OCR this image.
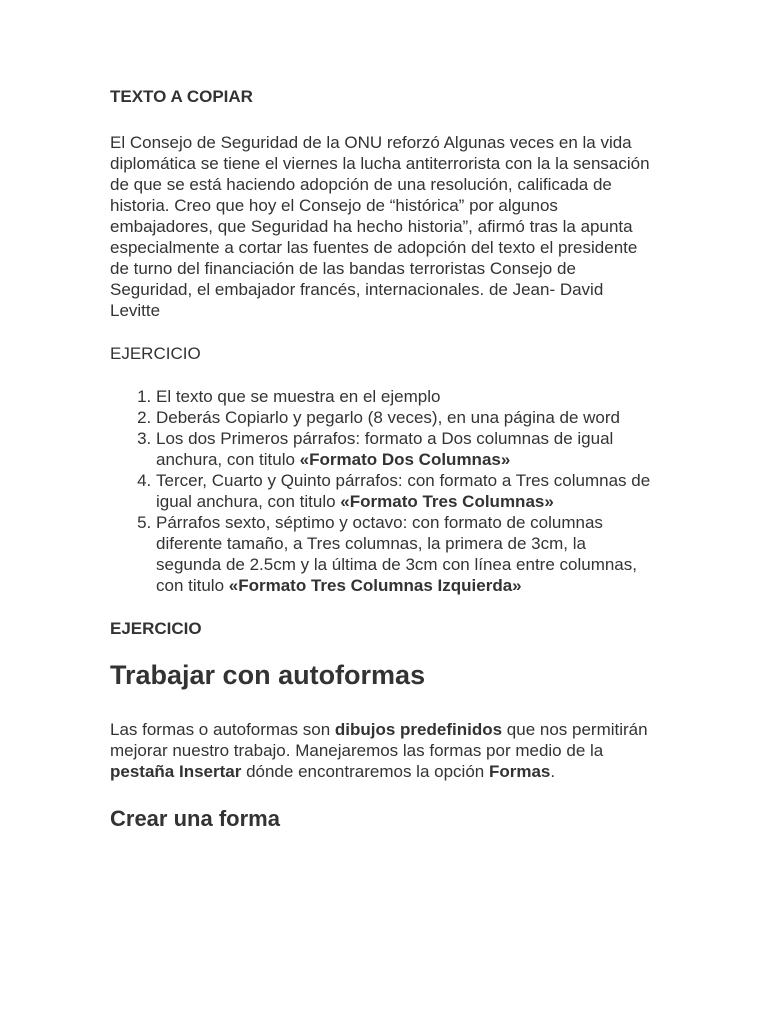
TEXTO A COPIAR
El Consejo de Seguridad de la ONU reforzó Algunas veces en la vida diplomática se tiene el viernes la lucha antiterrorista con la la sensación de que se está haciendo adopción de una resolución, calificada de historia. Creo que hoy el Consejo de “histórica” por algunos embajadores, que Seguridad ha hecho historia”, afirmó tras la apunta especialmente a cortar las fuentes de adopción del texto el presidente de turno del financiación de las bandas terroristas Consejo de Seguridad, el embajador francés, internacionales. de Jean- David Levitte
EJERCICIO
1. El texto que se muestra en el ejemplo
2. Deberás Copiarlo y pegarlo (8 veces), en una página de word
3. Los dos Primeros párrafos: formato a Dos columnas de igual anchura, con titulo «Formato Dos Columnas»
4. Tercer, Cuarto y Quinto párrafos: con formato a Tres columnas de igual anchura, con titulo «Formato Tres Columnas»
5. Párrafos sexto, séptimo y octavo: con formato de columnas diferente tamaño, a Tres columnas, la primera de 3cm, la segunda de 2.5cm y la última de 3cm con línea entre columnas, con titulo «Formato Tres Columnas Izquierda»
EJERCICIO
Trabajar con autoformas
Las formas o autoformas son dibujos predefinidos que nos permitirán mejorar nuestro trabajo. Manejaremos las formas por medio de la pestaña Insertar dónde encontraremos la opción Formas.
Crear una forma
